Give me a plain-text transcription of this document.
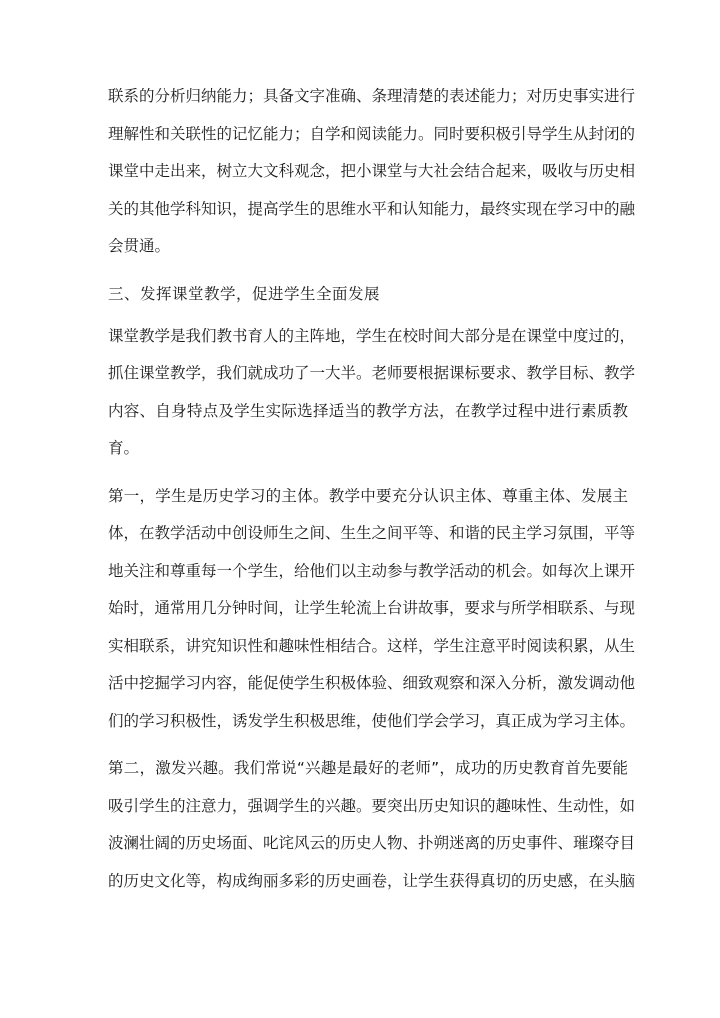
联系的分析归纳能力；具备文字准确、条理清楚的表述能力；对历史事实进行
理解性和关联性的记忆能力；自学和阅读能力。同时要积极引导学生从封闭的
课堂中走出来，树立大文科观念，把小课堂与大社会结合起来，吸收与历史相
关的其他学科知识，提高学生的思维水平和认知能力，最终实现在学习中的融
会贯通。
三、发挥课堂教学，促进学生全面发展
课堂教学是我们教书育人的主阵地，学生在校时间大部分是在课堂中度过的，
抓住课堂教学，我们就成功了一大半。老师要根据课标要求、教学目标、教学
内容、自身特点及学生实际选择适当的教学方法，在教学过程中进行素质教
育。
第一，学生是历史学习的主体。教学中要充分认识主体、尊重主体、发展主
体，在教学活动中创设师生之间、生生之间平等、和谐的民主学习氛围，平等
地关注和尊重每一个学生，给他们以主动参与教学活动的机会。如每次上课开
始时，通常用几分钟时间，让学生轮流上台讲故事，要求与所学相联系、与现
实相联系，讲究知识性和趣味性相结合。这样，学生注意平时阅读积累，从生
活中挖掘学习内容，能促使学生积极体验、细致观察和深入分析，激发调动他
们的学习积极性，诱发学生积极思维，使他们学会学习，真正成为学习主体。
第二，激发兴趣。我们常说“兴趣是最好的老师”，成功的历史教育首先要能
吸引学生的注意力，强调学生的兴趣。要突出历史知识的趣味性、生动性，如
波澜壮阔的历史场面、叱诧风云的历史人物、扑朔迷离的历史事件、璀璨夺目
的历史文化等，构成绚丽多彩的历史画卷，让学生获得真切的历史感，在头脑
